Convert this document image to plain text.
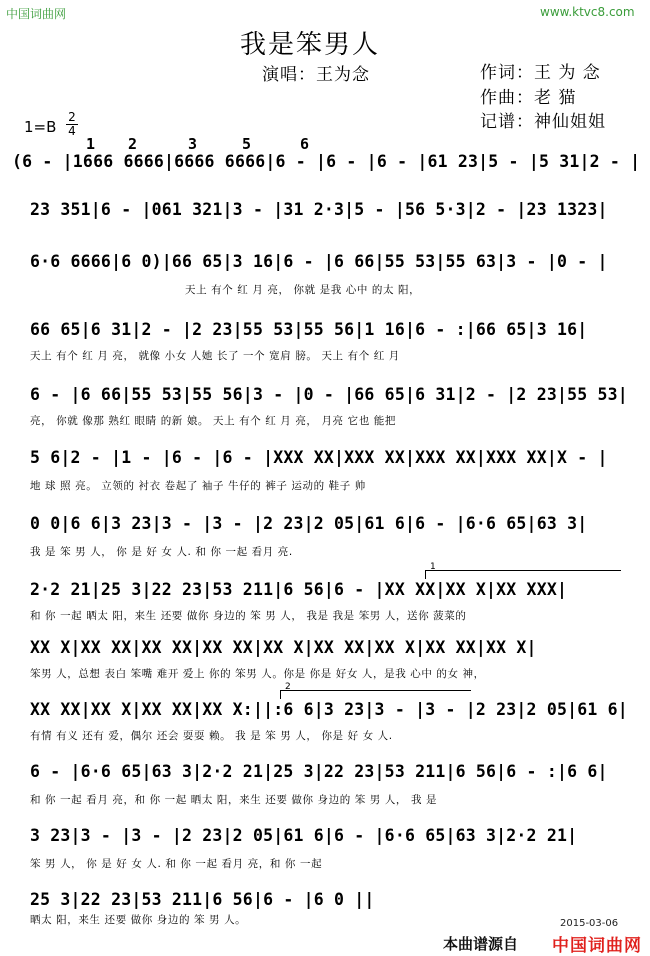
中国词曲网	www.ktvc8.com
我是笨男人
演唱：王为念	作词：王 为 念
作曲：老 猫
记谱：神仙姐姐
1=B
2
4
1 2	3	5	6
(6 - |1666 6666|6666 6666|6 - |6 - |6 - |61 23|5 - |5 31|2 - |
23 351|6 - |061 321|3 - |31 2·3|5 - |56 5·3|2 - |23 1323|
6·6 6666|6 0)|66 65|3 16|6 - |6 66|55 53|55 63|3 - |0 - |
天上 有个 红 月 亮， 你就 是我 心中 的太 阳，
66 65|6 31|2 - |2 23|55 53|55 56|1 16|6 - :|66 65|3 16|
天上 有个 红 月 亮， 就像 小女 人她 长了 一个 宽肩 膀。 天上 有个 红 月
6 - |6 66|55 53|55 56|3 - |0 - |66 65|6 31|2 - |2 23|55 53|
亮， 你就 像那 熟红 眼睛 的新 娘。 天上 有个 红 月 亮， 月亮 它也 能把
5 6|2 - |1 - |6 - |6 - |XXX XX|XXX XX|XXX XX|XXX XX|X - |
地 球 照 亮。 立领的 衬衣 卷起了 袖子 牛仔的 裤子 运动的 鞋子 帅
0 0|6 6|3 23|3 - |3 - |2 23|2 05|61 6|6 - |6·6 65|63 3|
我 是 笨 男 人， 你 是 好 女 人. 和 你 一起 看月 亮.
1
2·2 21|25 3|22 23|53 211|6 56|6 - |XX XX|XX X|XX XXX|
和 你 一起 晒太 阳，来生 还要 做你 身边的 笨 男 人， 我是 我是 笨男 人，送你 菠菜的
XX X|XX XX|XX XX|XX XX|XX X|XX XX|XX X|XX XX|XX X|
笨男 人，总想 表白 笨嘴 难开 爱上 你的 笨男 人。你是 你是 好女 人，是我 心中 的女 神，
2
XX XX|XX X|XX XX|XX X:||:6 6|3 23|3 - |3 - |2 23|2 05|61 6|
有情 有义 还有 爱，偶尔 还会 耍耍 赖。 我 是 笨 男 人， 你是 好 女 人.
6 - |6·6 65|63 3|2·2 21|25 3|22 23|53 211|6 56|6 - :|6 6|
和 你 一起 看月 亮，和 你 一起 晒太 阳，来生 还要 做你 身边的 笨 男 人， 我 是
3 23|3 - |3 - |2 23|2 05|61 6|6 - |6·6 65|63 3|2·2 21|
笨 男 人， 你 是 好 女 人. 和 你 一起 看月 亮，和 你 一起
25 3|22 23|53 211|6 56|6 - |6 0 ||
晒太 阳，来生 还要 做你 身边的 笨 男 人。	2015-03-06
本曲谱源自 中国词曲网
